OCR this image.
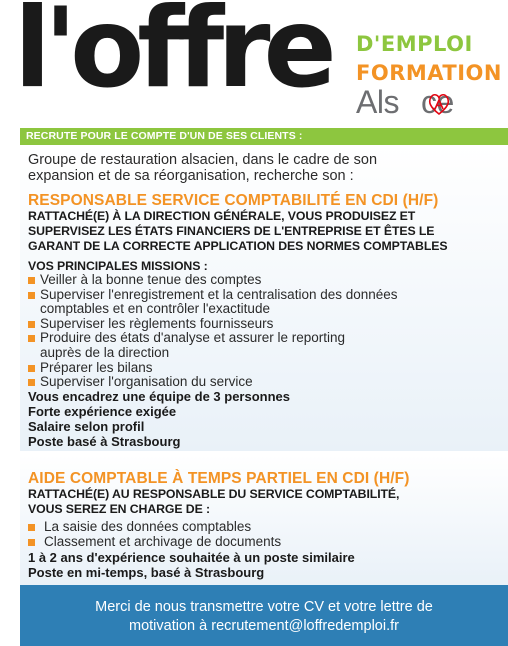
l'offre D'EMPLOI
FORMATION
Als ce
RECRUTE POUR LE COMPTE D'UN DE SES CLIENTS :
Groupe de restauration alsacien, dans le cadre de son
expansion et de sa réorganisation, recherche son :
RESPONSABLE SERVICE COMPTABILITÉ EN CDI (H/F)
RATTACHÉ(E) À LA DIRECTION GÉNÉRALE, VOUS PRODUISEZ ET
SUPERVISEZ LES ÉTATS FINANCIERS DE L'ENTREPRISE ET ÊTES LE
GARANT DE LA CORRECTE APPLICATION DES NORMES COMPTABLES
VOS PRINCIPALES MISSIONS :
Veiller à la bonne tenue des comptes
Superviser l'enregistrement et la centralisation des données
comptables et en contrôler l'exactitude
Superviser les règlements fournisseurs
Produire des états d'analyse et assurer le reporting
auprès de la direction
Préparer les bilans
Superviser l'organisation du service
Vous encadrez une équipe de 3 personnes
Forte expérience exigée
Salaire selon profil
Poste basé à Strasbourg
AIDE COMPTABLE À TEMPS PARTIEL EN CDI (H/F)
RATTACHÉ(E) AU RESPONSABLE DU SERVICE COMPTABILITÉ,
VOUS SEREZ EN CHARGE DE :
La saisie des données comptables
Classement et archivage de documents
1 à 2 ans d'expérience souhaitée à un poste similaire
Poste en mi-temps, basé à Strasbourg
Merci de nous transmettre votre CV et votre lettre de
motivation à recrutement@loffredemploi.fr
